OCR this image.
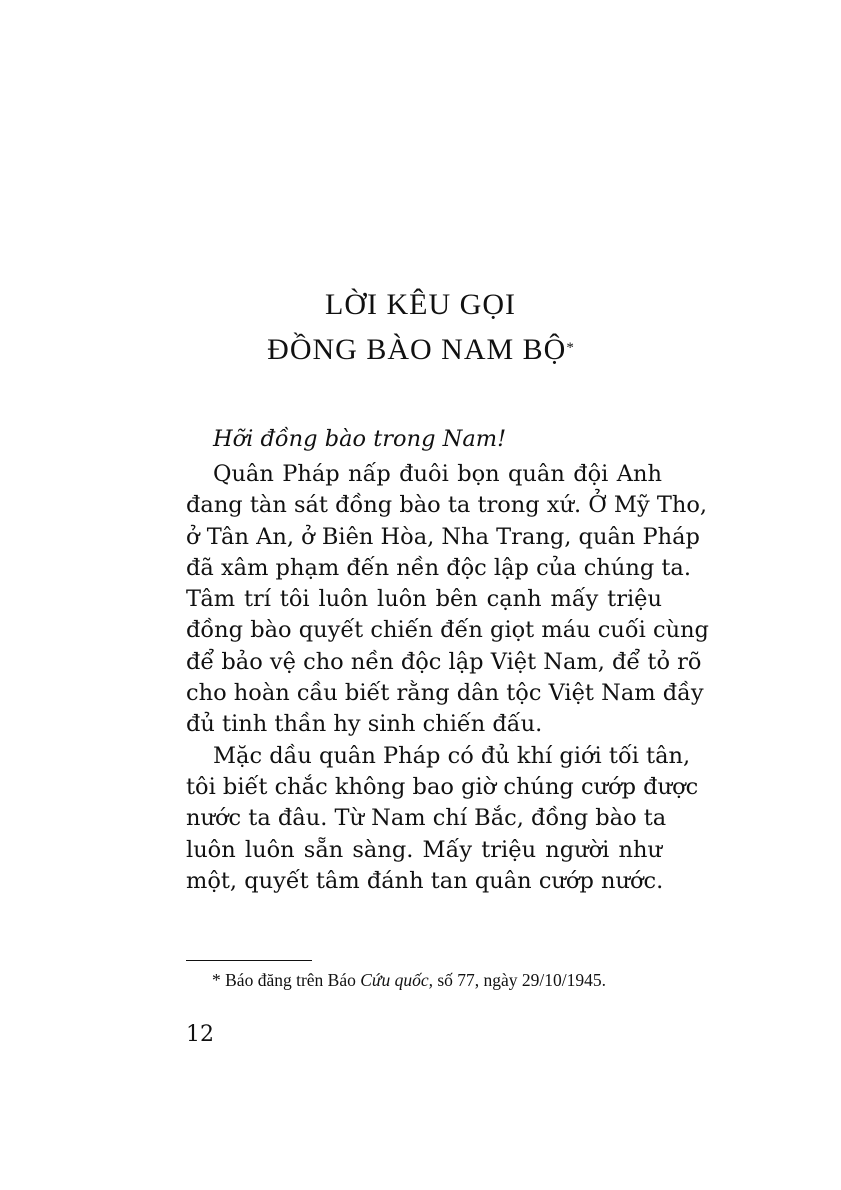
LỜI KÊU GỌI
ĐỒNG BÀO NAM BỘ*

Hỡi đồng bào trong Nam!

Quân Pháp nấp đuôi bọn quân đội Anh
đang tàn sát đồng bào ta trong xứ. Ở Mỹ Tho,
ở Tân An, ở Biên Hòa, Nha Trang, quân Pháp
đã xâm phạm đến nền độc lập của chúng ta.
Tâm trí tôi luôn luôn bên cạnh mấy triệu
đồng bào quyết chiến đến giọt máu cuối cùng
để bảo vệ cho nền độc lập Việt Nam, để tỏ rõ
cho hoàn cầu biết rằng dân tộc Việt Nam đầy
đủ tinh thần hy sinh chiến đấu.

Mặc dầu quân Pháp có đủ khí giới tối tân,
tôi biết chắc không bao giờ chúng cướp được
nước ta đâu. Từ Nam chí Bắc, đồng bào ta
luôn luôn sẵn sàng. Mấy triệu người như
một, quyết tâm đánh tan quân cướp nước.

* Báo đăng trên Báo Cứu quốc, số 77, ngày 29/10/1945.

12
